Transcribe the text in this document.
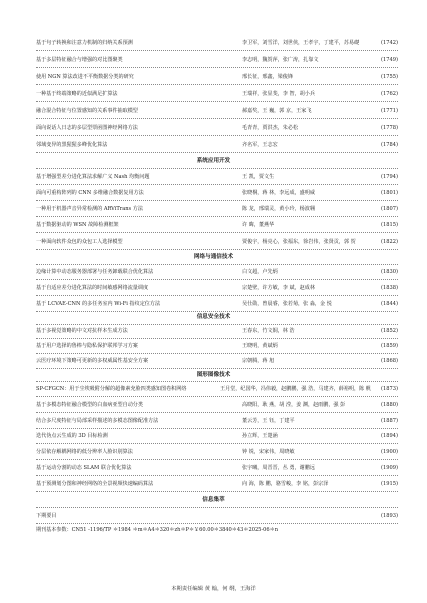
基于句子转换和注意力机制的归纳关系预测	李卫军，刘雪洋，刘世侠，王孝宇，丁建平，苏易礎	(1742)
基于多层特征融合与增强的对比图聚类	李志明，魏贺萍，张广涛，扎靠文	(1749)
使用 NGN 算法改进不平衡数据分类的研究	邢长征，邢鑫，梁俊锋	(1755)
一种基于终端策略的近似满足扩算法	王瑞祥，张显斐，李 智，胡小兵	(1762)
融合混合特征与位置感知的关系事件抽取模型	郝嘉奖，王 巍，郭 京，王家飞	(1771)
面向说话人日志的多层型票函图神经网络方法	毛青青，贾洪杰，朱必松	(1778)
邻域变异的黑猩猩多峰优化算法	齐名军，王志宏	(1784)
系统应用开发
基于增强型差分进化算法求解广义 Nash 均衡问题	王 凯，贾文生	(1794)
面向可重构阵列的 CNN 多维融合数据复用方法	张晓桐，蒋 林，李远成，盛明威	(1801)
一种用于机器声音异常检测的 ARViTrans 方法	陈 龙，邢瑞灵，黄小玲，杨波翱	(1807)
基于数据驱动的 WSN 故障检测框架	许 晦，董燕华	(1815)
一种面向软件众包的众包工人选择模型	贾俊宇，杨亮心，张福东，徐岩伟，张贤贡，郭 贺	(1822)
网络与通信技术
边缘计算中动态服务器部署与任务卸载联合优化算法	白文超，卢先炳	(1830)
基于自适应差分进化算法的时间敏感网络流量调度	宗楚壁，许方敏，李 斌，赵成林	(1838)
基于 LCVAE-CNN 的多任务室内 Wi-Fi 指纹定位方法	吴仕勋，曾晨睿，张若菊，张 淼，金 悦	(1844)
信息安全技术
基于多视觉策略的中文对抗样本生成方法	王春东，竹文铜，林 浩	(1852)
基于用户选择的鲁棒与隐私保护联邦学习方案	王晓明，黄斌炳	(1859)
云医疗环境下策略可更新的多权威属性基安全方案	宗朝腾，蒋 旭	(1868)
图形图像技术
SP-CFGCN：用于尘埃吸附分解的超像素充脸四类感知图卷积网络	王月堂，纪国华，冯伟毅，赵鹏鹏，强 浩，马建齐，薛裕明，陈 帆 (1873)
基于多模态特征融合模型的白血病亚型自动分类	高晓阳，耿 燕，胡 滢，姜 渊，赵雨鹏，强 彭	(1880)
结合多尺度特征与局部采样描述的多模态图像配准方法	董云芳，王 钰，丁建平	(1887)
迭代伪点云生成的 3D 目标检测	孙立辉，王楚涵	(1894)
分层依存解耦网络的低分辨率人脸识别算法	钟 锐，宋家伟，周晓敏	(1900)
基于运动分割的动态 SLAM 联合优化算法	张宇曦，周晋晋，丛 勇，谢鹏远	(1909)
基于预测划分图和神经网络的全景视频快速编码算法	向 海，陈 鹏，骆雪峻，李 铭，彭宗泽	(1915)
信息集萃
下期要目	(1893)
期刊基本参数：CN51 -1196/TP ＊1984 ＊m＊A4＊320＊zh＊P＊￥60.00＊3840＊43＊2025-06＊n
本期责任编辑 黄 翰，何 纲，王海洋
